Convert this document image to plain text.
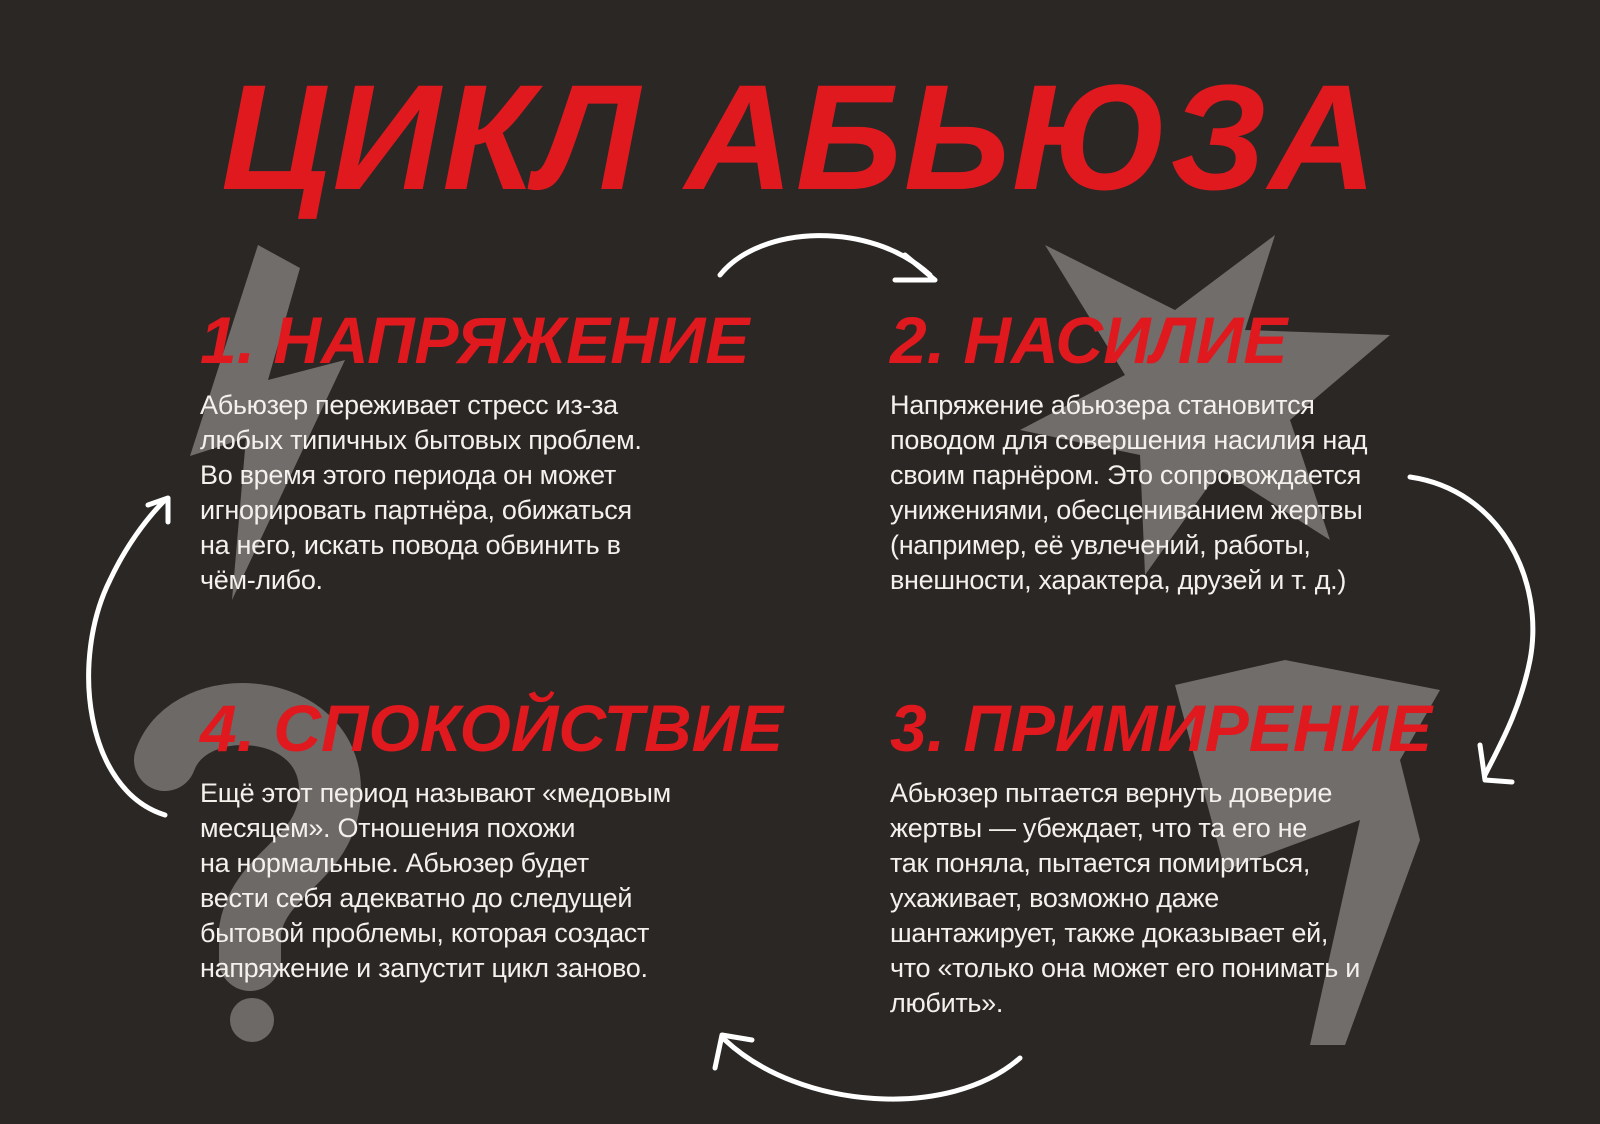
ЦИКЛ АБЬЮЗА
1. НАПРЯЖЕНИЕ

Абьюзер переживает стресс из-за
любых типичных бытовых проблем.
Во время этого периода он может
игнорировать партнёра, обижаться
на него, искать повода обвинить в
чём-либо.

2. НАСИЛИЕ

Напряжение абьюзера становится
поводом для совершения насилия над
своим парнёром. Это сопровождается
унижениями, обесцениванием жертвы
(например, её увлечений, работы,
внешности, характера, друзей и т. д.)

3. ПРИМИРЕНИЕ

Абьюзер пытается вернуть доверие
жертвы — убеждает, что та его не
так поняла, пытается помириться,
ухаживает, возможно даже
шантажирует, также доказывает ей,
что «только она может его понимать и
любить».

4. СПОКОЙСТВИЕ

Ещё этот период называют «медовым
месяцем». Отношения похожи
на нормальные. Абьюзер будет
вести себя адекватно до следущей
бытовой проблемы, которая создаст
напряжение и запустит цикл заново.
